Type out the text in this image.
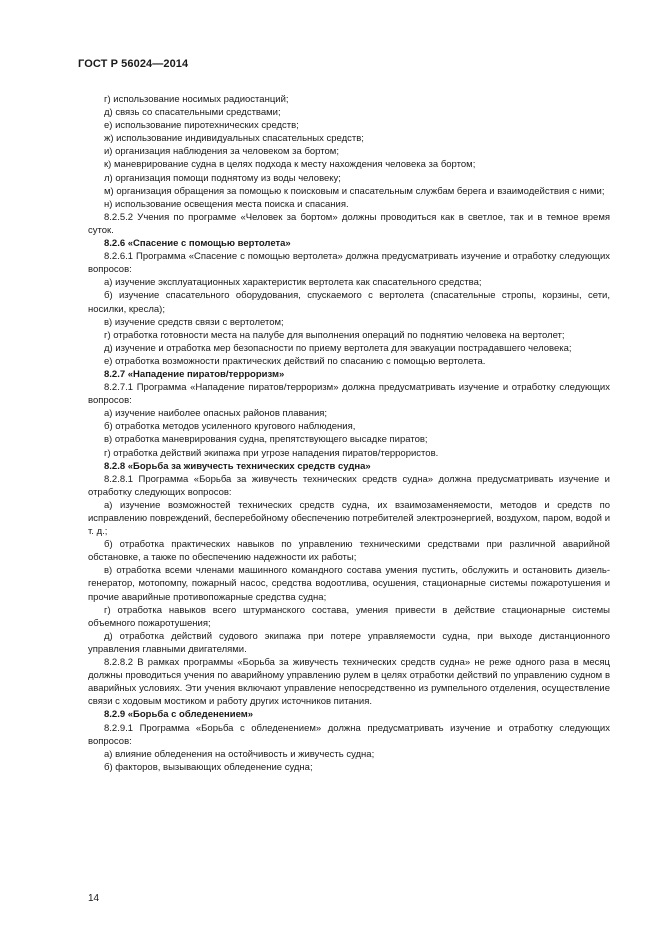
ГОСТ Р 56024—2014

г) использование носимых радиостанций;

д) связь со спасательными средствами;

е) использование пиротехнических средств;

ж) использование индивидуальных спасательных средств;

и) организация наблюдения за человеком за бортом;

к) маневрирование судна в целях подхода к месту нахождения человека за бортом;

л) организация помощи поднятому из воды человеку;

м) организация обращения за помощью к поисковым и спасательным службам берега и взаимодействия с ними;

н) использование освещения места поиска и спасания.

8.2.5.2 Учения по программе «Человек за бортом» должны проводиться как в светлое, так и в темное время суток.

8.2.6 «Спасение с помощью вертолета»

8.2.6.1 Программа «Спасение с помощью вертолета» должна предусматривать изучение и отработку следующих вопросов:

а) изучение эксплуатационных характеристик вертолета как спасательного средства;

б) изучение спасательного оборудования, спускаемого с вертолета (спасательные стропы, корзины, сети, носилки, кресла);

в) изучение средств связи с вертолетом;

г) отработка готовности места на палубе для выполнения операций по поднятию человека на вертолет;

д) изучение и отработка мер безопасности по приему вертолета для эвакуации пострадавшего человека;

е) отработка возможности практических действий по спасанию с помощью вертолета.

8.2.7 «Нападение пиратов/терроризм»

8.2.7.1 Программа «Нападение пиратов/терроризм» должна предусматривать изучение и отработку следующих вопросов:

а) изучение наиболее опасных районов плавания;

б) отработка методов усиленного кругового наблюдения,

в) отработка маневрирования судна, препятствующего высадке пиратов;

г) отработка действий экипажа при угрозе нападения пиратов/террористов.

8.2.8 «Борьба за живучесть технических средств судна»

8.2.8.1 Программа «Борьба за живучесть технических средств судна» должна предусматривать изучение и отработку следующих вопросов:

а) изучение возможностей технических средств судна, их взаимозаменяемости, методов и средств по исправлению повреждений, бесперебойному обеспечению потребителей электроэнергией, воздухом, паром, водой и т. д.;

б) отработка практических навыков по управлению техническими средствами при различной аварийной обстановке, а также по обеспечению надежности их работы;

в) отработка всеми членами машинного командного состава умения пустить, обслужить и остановить дизель-генератор, мотопомпу, пожарный насос, средства водоотлива, осушения, стационарные системы пожаротушения и прочие аварийные противопожарные средства судна;

г) отработка навыков всего штурманского состава, умения привести в действие стационарные системы объемного пожаротушения;

д) отработка действий судового экипажа при потере управляемости судна, при выходе дистанционного управления главными двигателями.

8.2.8.2 В рамках программы «Борьба за живучесть технических средств судна» не реже одного раза в месяц должны проводиться учения по аварийному управлению рулем в целях отработки действий по управлению судном в аварийных условиях. Эти учения включают управление непосредственно из румпельного отделения, осуществление связи с ходовым мостиком и работу других источников питания.

8.2.9 «Борьба с обледенением»

8.2.9.1 Программа «Борьба с обледенением» должна предусматривать изучение и отработку следующих вопросов:

а) влияние обледенения на остойчивость и живучесть судна;

б) факторов, вызывающих обледенение судна;

14
